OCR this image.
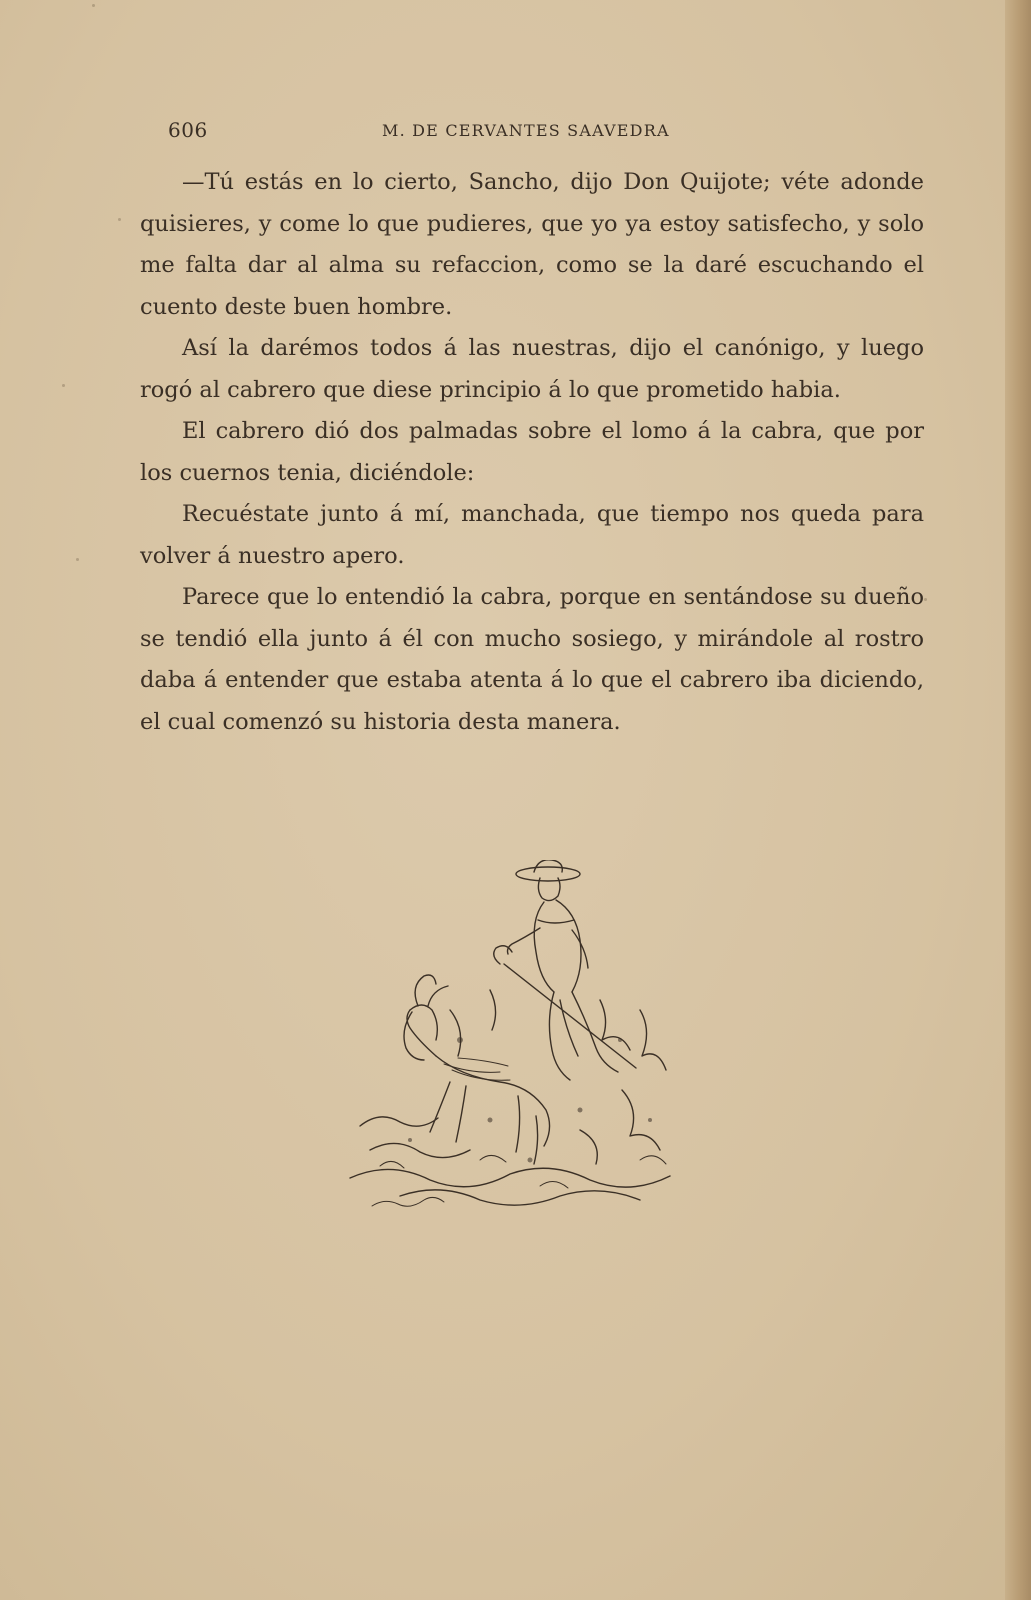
606	M. DE CERVANTES SAAVEDRA

—Tú estás en lo cierto, Sancho, dijo Don Quijote; véte adonde quisieres, y come lo que pudieres, que yo ya estoy satisfecho, y solo me falta dar al alma su refaccion, como se la daré escuchando el cuento deste buen hombre.

Así la darémos todos á las nuestras, dijo el canónigo, y luego rogó al cabrero que diese principio á lo que prometido habia.

El cabrero dió dos palmadas sobre el lomo á la cabra, que por los cuernos tenia, diciéndole:

Recuéstate junto á mí, manchada, que tiempo nos queda para volver á nuestro apero.

Parece que lo entendió la cabra, porque en sentándose su dueño se tendió ella junto á él con mucho sosiego, y mirándole al rostro daba á entender que estaba atenta á lo que el cabrero iba diciendo, el cual comenzó su historia desta manera.
